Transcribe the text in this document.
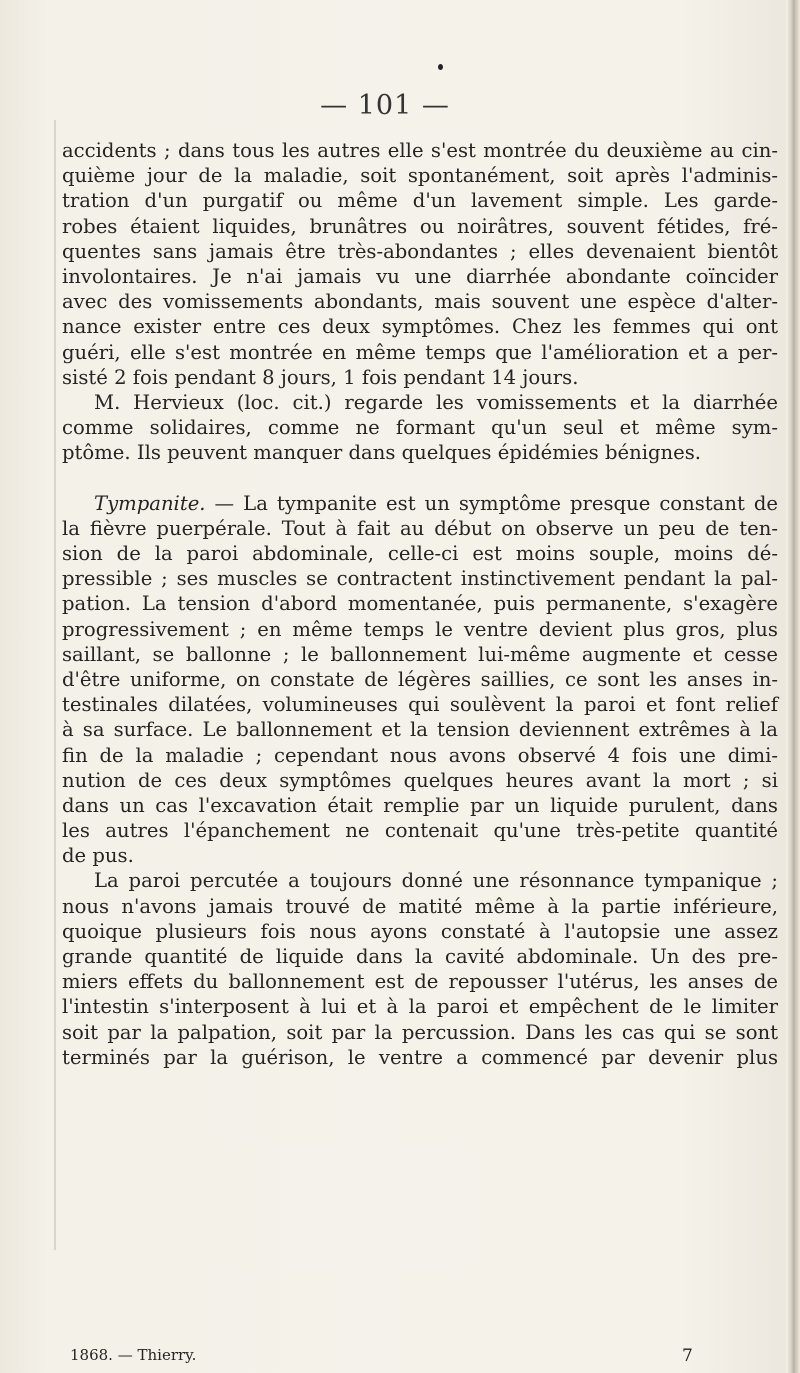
— 101 —
accidents ; dans tous les autres elle s'est montrée du deuxième au cin-
quième jour de la maladie, soit spontanément, soit après l'adminis-
tration d'un purgatif ou même d'un lavement simple. Les garde-
robes étaient liquides, brunâtres ou noirâtres, souvent fétides, fré-
quentes sans jamais être très-abondantes ; elles devenaient bientôt
involontaires. Je n'ai jamais vu une diarrhée abondante coïncider
avec des vomissements abondants, mais souvent une espèce d'alter-
nance exister entre ces deux symptômes. Chez les femmes qui ont
guéri, elle s'est montrée en même temps que l'amélioration et a per-
sisté 2 fois pendant 8 jours, 1 fois pendant 14 jours.
M. Hervieux (loc. cit.) regarde les vomissements et la diarrhée
comme solidaires, comme ne formant qu'un seul et même sym-
ptôme. Ils peuvent manquer dans quelques épidémies bénignes.
Tympanite. — La tympanite est un symptôme presque constant de
la fièvre puerpérale. Tout à fait au début on observe un peu de ten-
sion de la paroi abdominale, celle-ci est moins souple, moins dé-
pressible ; ses muscles se contractent instinctivement pendant la pal-
pation. La tension d'abord momentanée, puis permanente, s'exagère
progressivement ; en même temps le ventre devient plus gros, plus
saillant, se ballonne ; le ballonnement lui-même augmente et cesse
d'être uniforme, on constate de légères saillies, ce sont les anses in-
testinales dilatées, volumineuses qui soulèvent la paroi et font relief
à sa surface. Le ballonnement et la tension deviennent extrêmes à la
fin de la maladie ; cependant nous avons observé 4 fois une dimi-
nution de ces deux symptômes quelques heures avant la mort ; si
dans un cas l'excavation était remplie par un liquide purulent, dans
les autres l'épanchement ne contenait qu'une très-petite quantité
de pus.
La paroi percutée a toujours donné une résonnance tympanique ;
nous n'avons jamais trouvé de matité même à la partie inférieure,
quoique plusieurs fois nous ayons constaté à l'autopsie une assez
grande quantité de liquide dans la cavité abdominale. Un des pre-
miers effets du ballonnement est de repousser l'utérus, les anses de
l'intestin s'interposent à lui et à la paroi et empêchent de le limiter
soit par la palpation, soit par la percussion. Dans les cas qui se sont
terminés par la guérison, le ventre a commencé par devenir plus
1868. — Thierry.	7
